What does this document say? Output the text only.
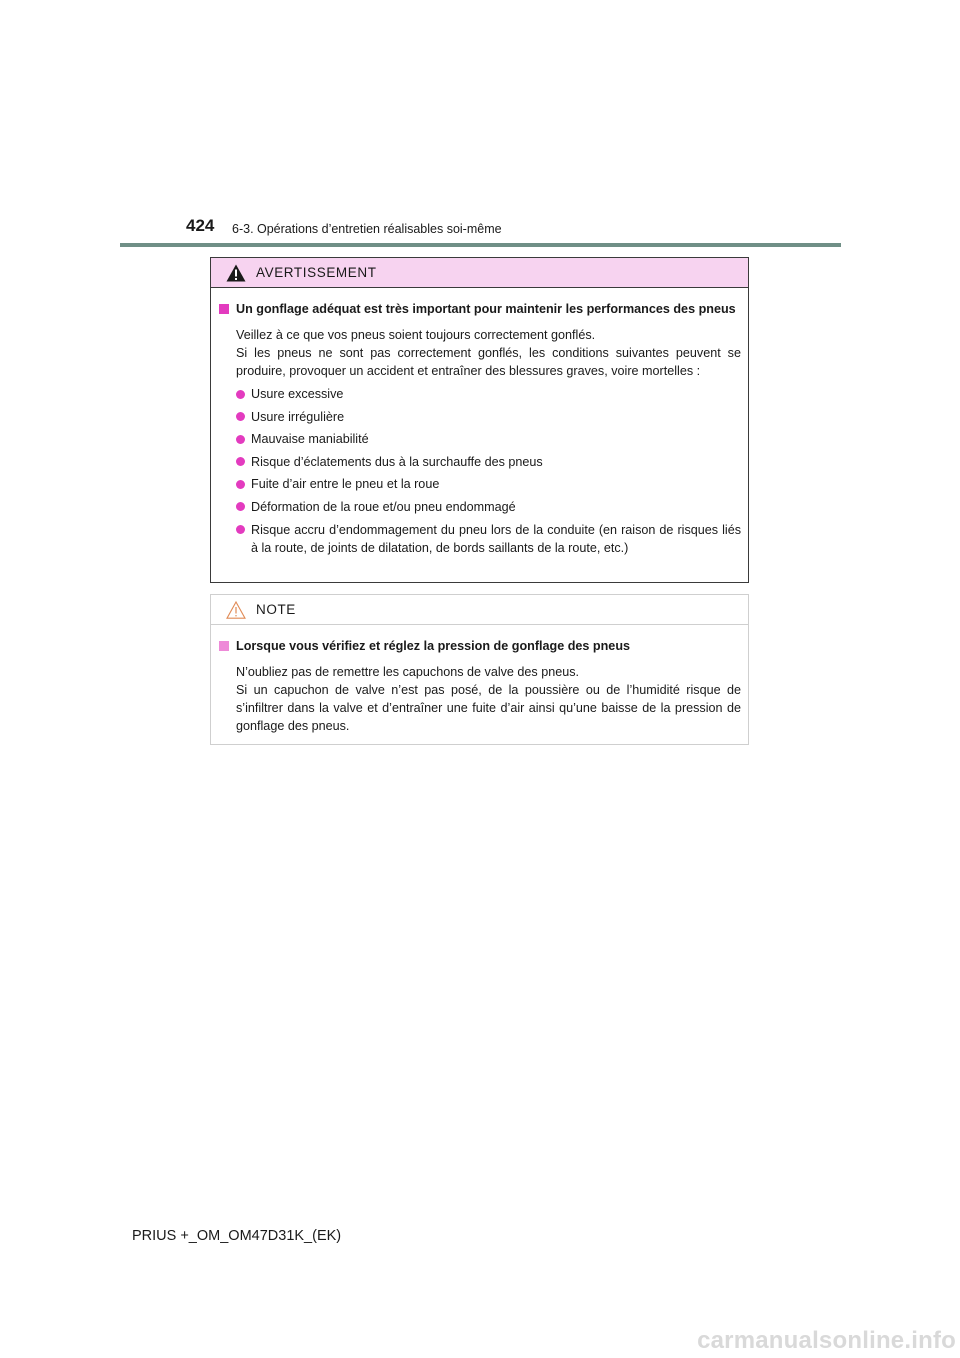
424 6-3. Opérations d’entretien réalisables soi-même
AVERTISSEMENT
Un gonflage adéquat est très important pour maintenir les performances des pneus
Veillez à ce que vos pneus soient toujours correctement gonflés.
Si les pneus ne sont pas correctement gonflés, les conditions suivantes peuvent se produire, provoquer un accident et entraîner des blessures graves, voire mortelles :
Usure excessive
Usure irrégulière
Mauvaise maniabilité
Risque d’éclatements dus à la surchauffe des pneus
Fuite d’air entre le pneu et la roue
Déformation de la roue et/ou pneu endommagé
Risque accru d’endommagement du pneu lors de la conduite (en raison de risques liés à la route, de joints de dilatation, de bords saillants de la route, etc.)
NOTE
Lorsque vous vérifiez et réglez la pression de gonflage des pneus
N’oubliez pas de remettre les capuchons de valve des pneus.
Si un capuchon de valve n’est pas posé, de la poussière ou de l’humidité risque de s’infiltrer dans la valve et d’entraîner une fuite d’air ainsi qu’une baisse de la pression de gonflage des pneus.
PRIUS +_OM_OM47D31K_(EK)
carmanualsonline.info
